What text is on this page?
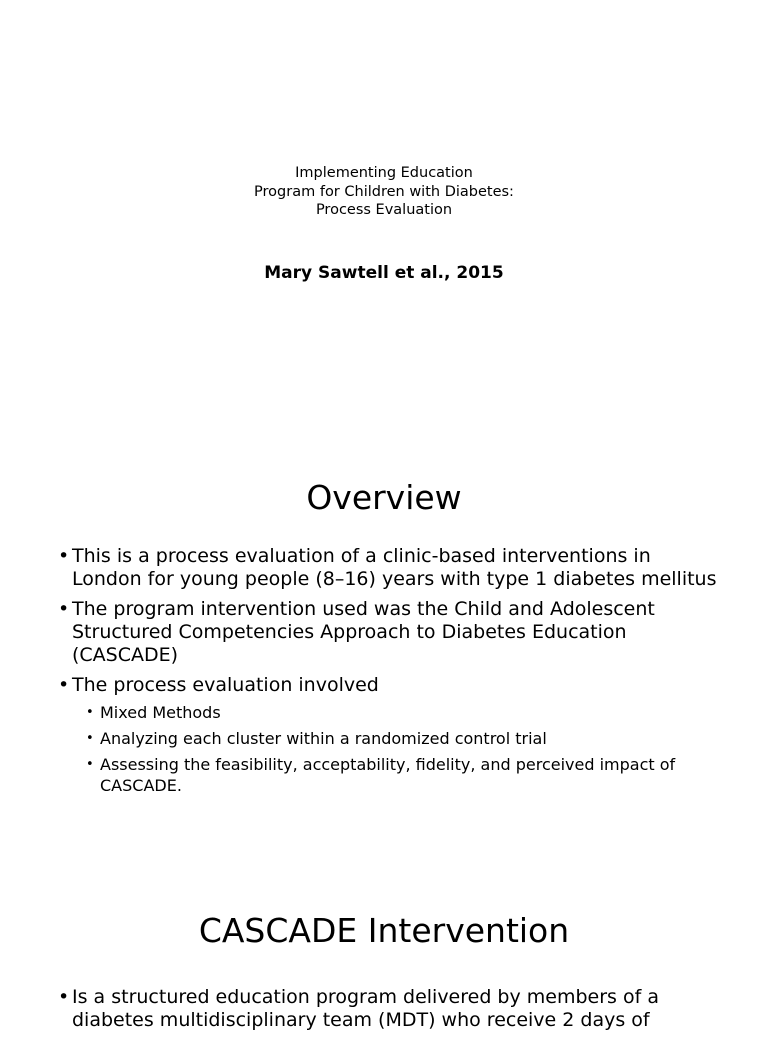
Implementing Education
Program for Children with Diabetes:
Process Evaluation
Mary Sawtell et al., 2015
Overview
• This is a process evaluation of a clinic-based interventions in London for young people (8–16) years with type 1 diabetes mellitus
• The program intervention used was the Child and Adolescent Structured Competencies Approach to Diabetes Education (CASCADE)
• The process evaluation involved
• Mixed Methods
• Analyzing each cluster within a randomized control trial
• Assessing the feasibility, acceptability, fidelity, and perceived impact of CASCADE.
CASCADE Intervention
• Is a structured education program delivered by members of a diabetes multidisciplinary team (MDT) who receive 2 days of
